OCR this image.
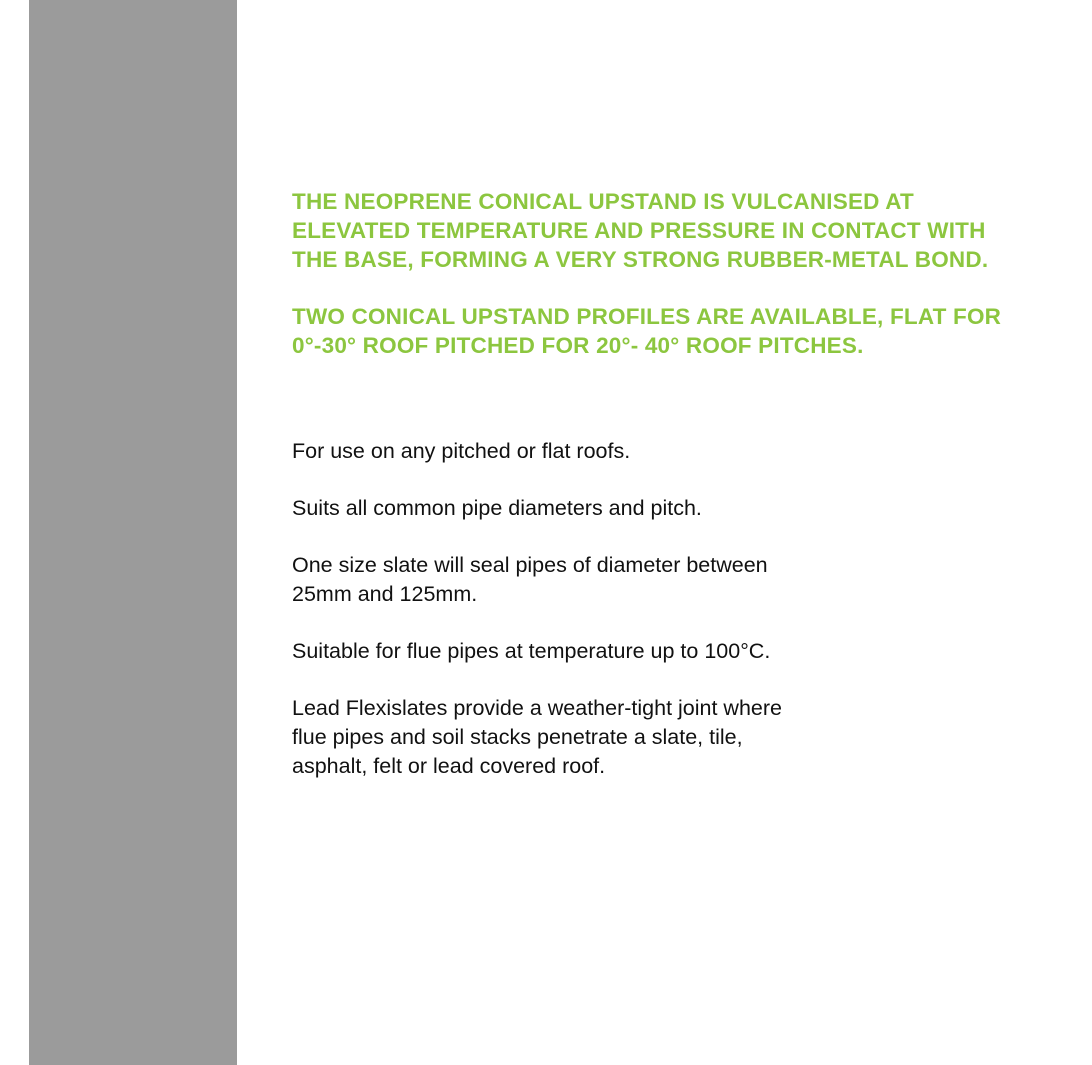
THE NEOPRENE CONICAL UPSTAND IS VULCANISED AT ELEVATED TEMPERATURE AND PRESSURE IN CONTACT WITH THE BASE, FORMING A VERY STRONG RUBBER-METAL BOND.

TWO CONICAL UPSTAND PROFILES ARE AVAILABLE, FLAT FOR 0°-30° ROOF PITCHED FOR 20°- 40° ROOF PITCHES.

For use on any pitched or flat roofs.

Suits all common pipe diameters and pitch.

One size slate will seal pipes of diameter between 25mm and 125mm.

Suitable for flue pipes at temperature up to 100°C.

Lead Flexislates provide a weather-tight joint where flue pipes and soil stacks penetrate a slate, tile, asphalt, felt or lead covered roof.
